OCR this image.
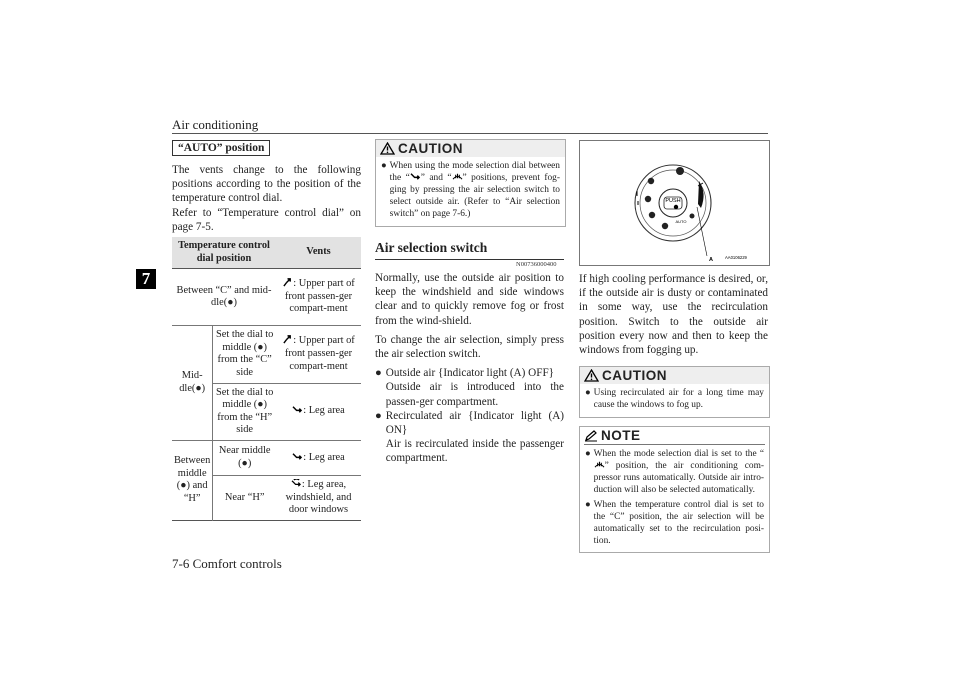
Air conditioning
7
“AUTO” position
The vents change to the following positions according to the position of the temperature control dial.
Refer to “Temperature control dial” on page 7-5.
Temperature control dial position		Vents
Between “C” and mid-dle(●)		: Upper part of front passen-ger compart-ment
Mid-dle(●)	Set the dial to middle (●) from the “C” side	: Upper part of front passen-ger compart-ment
	Set the dial to middle (●) from the “H” side	: Leg area
Between middle (●) and “H”	Near middle (●)	: Leg area
	Near “H”	: Leg area, windshield, and door windows
7-6 Comfort controls
CAUTION
● When using the mode selection dial between the “ ” and “ ” positions, prevent fog-ging by pressing the air selection switch to select outside air. (Refer to “Air selection switch” on page 7-6.)
Air selection switch
N00736000400
Normally, use the outside air position to keep the windshield and side windows clear and to quickly remove fog or frost from the wind-shield.
To change the air selection, simply press the air selection switch.
● Outside air {Indicator light (A) OFF}
Outside air is introduced into the passen-ger compartment.
● Recirculated air {Indicator light (A) ON}
Air is recirculated inside the passenger compartment.
PUSH
AUTO
A	AA0106229
If high cooling performance is desired, or, if the outside air is dusty or contaminated in some way, use the recirculation position. Switch to the outside air position every now and then to keep the windows from fogging up.
CAUTION
● Using recirculated air for a long time may cause the windows to fog up.
NOTE
● When the mode selection dial is set to the “” position, the air conditioning com-pressor runs automatically. Outside air intro-duction will also be selected automatically.
● When the temperature control dial is set to the “C” position, the air selection will be automatically set to the recirculation posi-tion.
